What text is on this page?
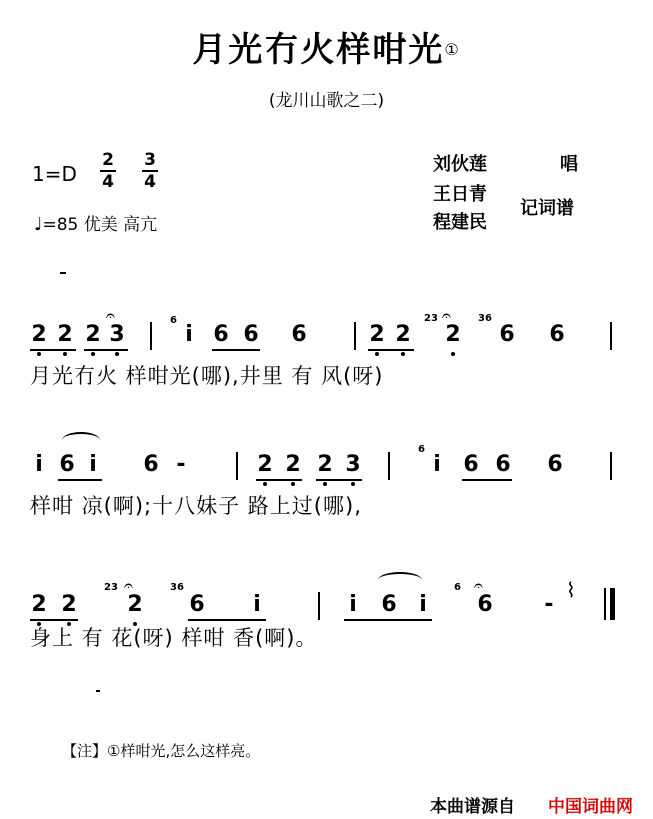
月光冇火样咁光①
(龙川山歌之二)
$1=D \frac{2}{4} \frac{3}{4}$
♩=85 优美 高亢
刘伙莲	唱
王日青
程建民
记词谱
2 2 2 3
𝄐	6
i 6 6 6	2 2
23
2
𝄐	36
6 6
月光冇火 样咁光(哪),井里 有 风(呀)
i 6 i 6 -	2 2 2 3
6
i 6 6 6
样咁 凉(啊);十八妹子 路上过(哪),
2 2
23
2
𝄐	36
6 i	i 6 i
6
6
𝄐
-
⌇
身上 有 花(呀) 样咁 香(啊)。
【注】①样咁光,怎么这样亮。
本曲谱源自 中国词曲网
